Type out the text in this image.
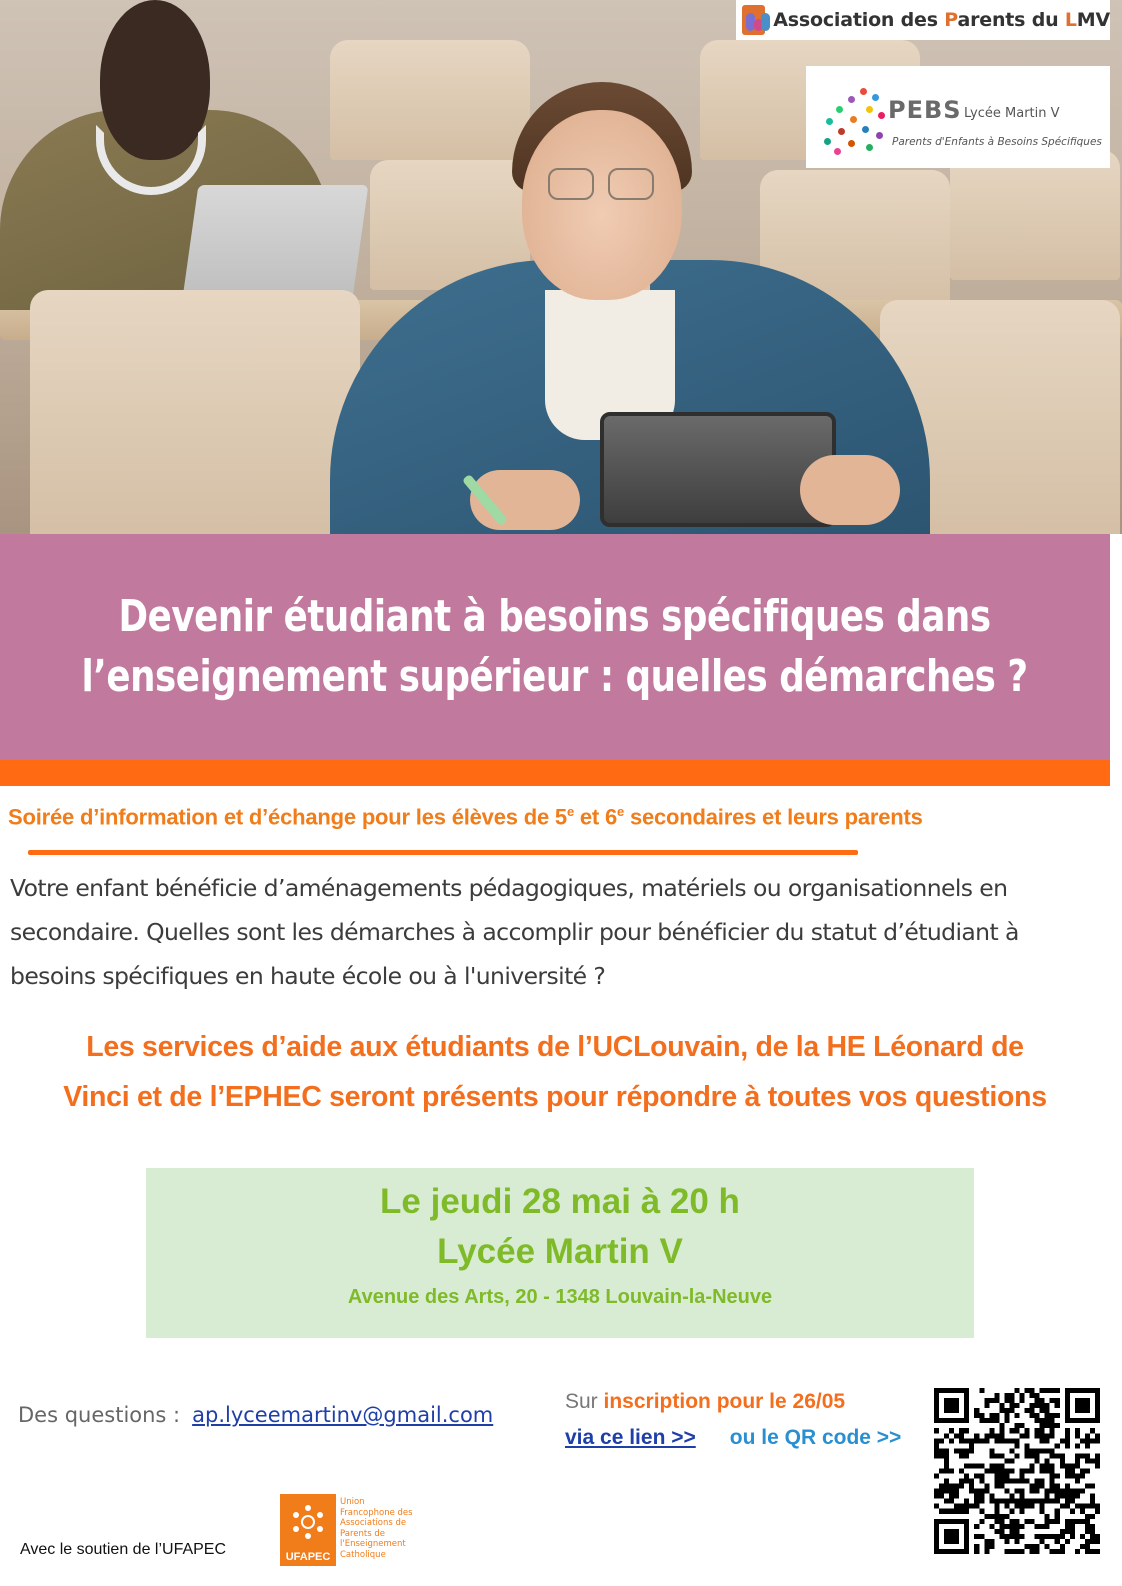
Association des Parents du LMV
PEBS Lycée Martin V
Parents d'Enfants à Besoins Spécifiques
Devenir étudiant à besoins spécifiques dans
l’enseignement supérieur : quelles démarches ?
Soirée d’information et d’échange pour les élèves de 5e et 6e secondaires et leurs parents
Votre enfant bénéficie d’aménagements pédagogiques, matériels ou organisationnels en
secondaire. Quelles sont les démarches à accomplir pour bénéficier du statut d’étudiant à
besoins spécifiques en haute école ou à l'université ?
Les services d’aide aux étudiants de l’UCLouvain, de la HE Léonard de
Vinci et de l’EPHEC seront présents pour répondre à toutes vos questions
Le jeudi 28 mai à 20 h
Lycée Martin V
Avenue des Arts, 20 - 1348 Louvain-la-Neuve
Des questions : ap.lyceemartinv@gmail.com
Sur inscription pour le 26/05
via ce lien >> ou le QR code >>
Avec le soutien de l’UFAPEC	UFAPEC
Union Francophone des Associations de Parents de l'Enseignement Catholique
